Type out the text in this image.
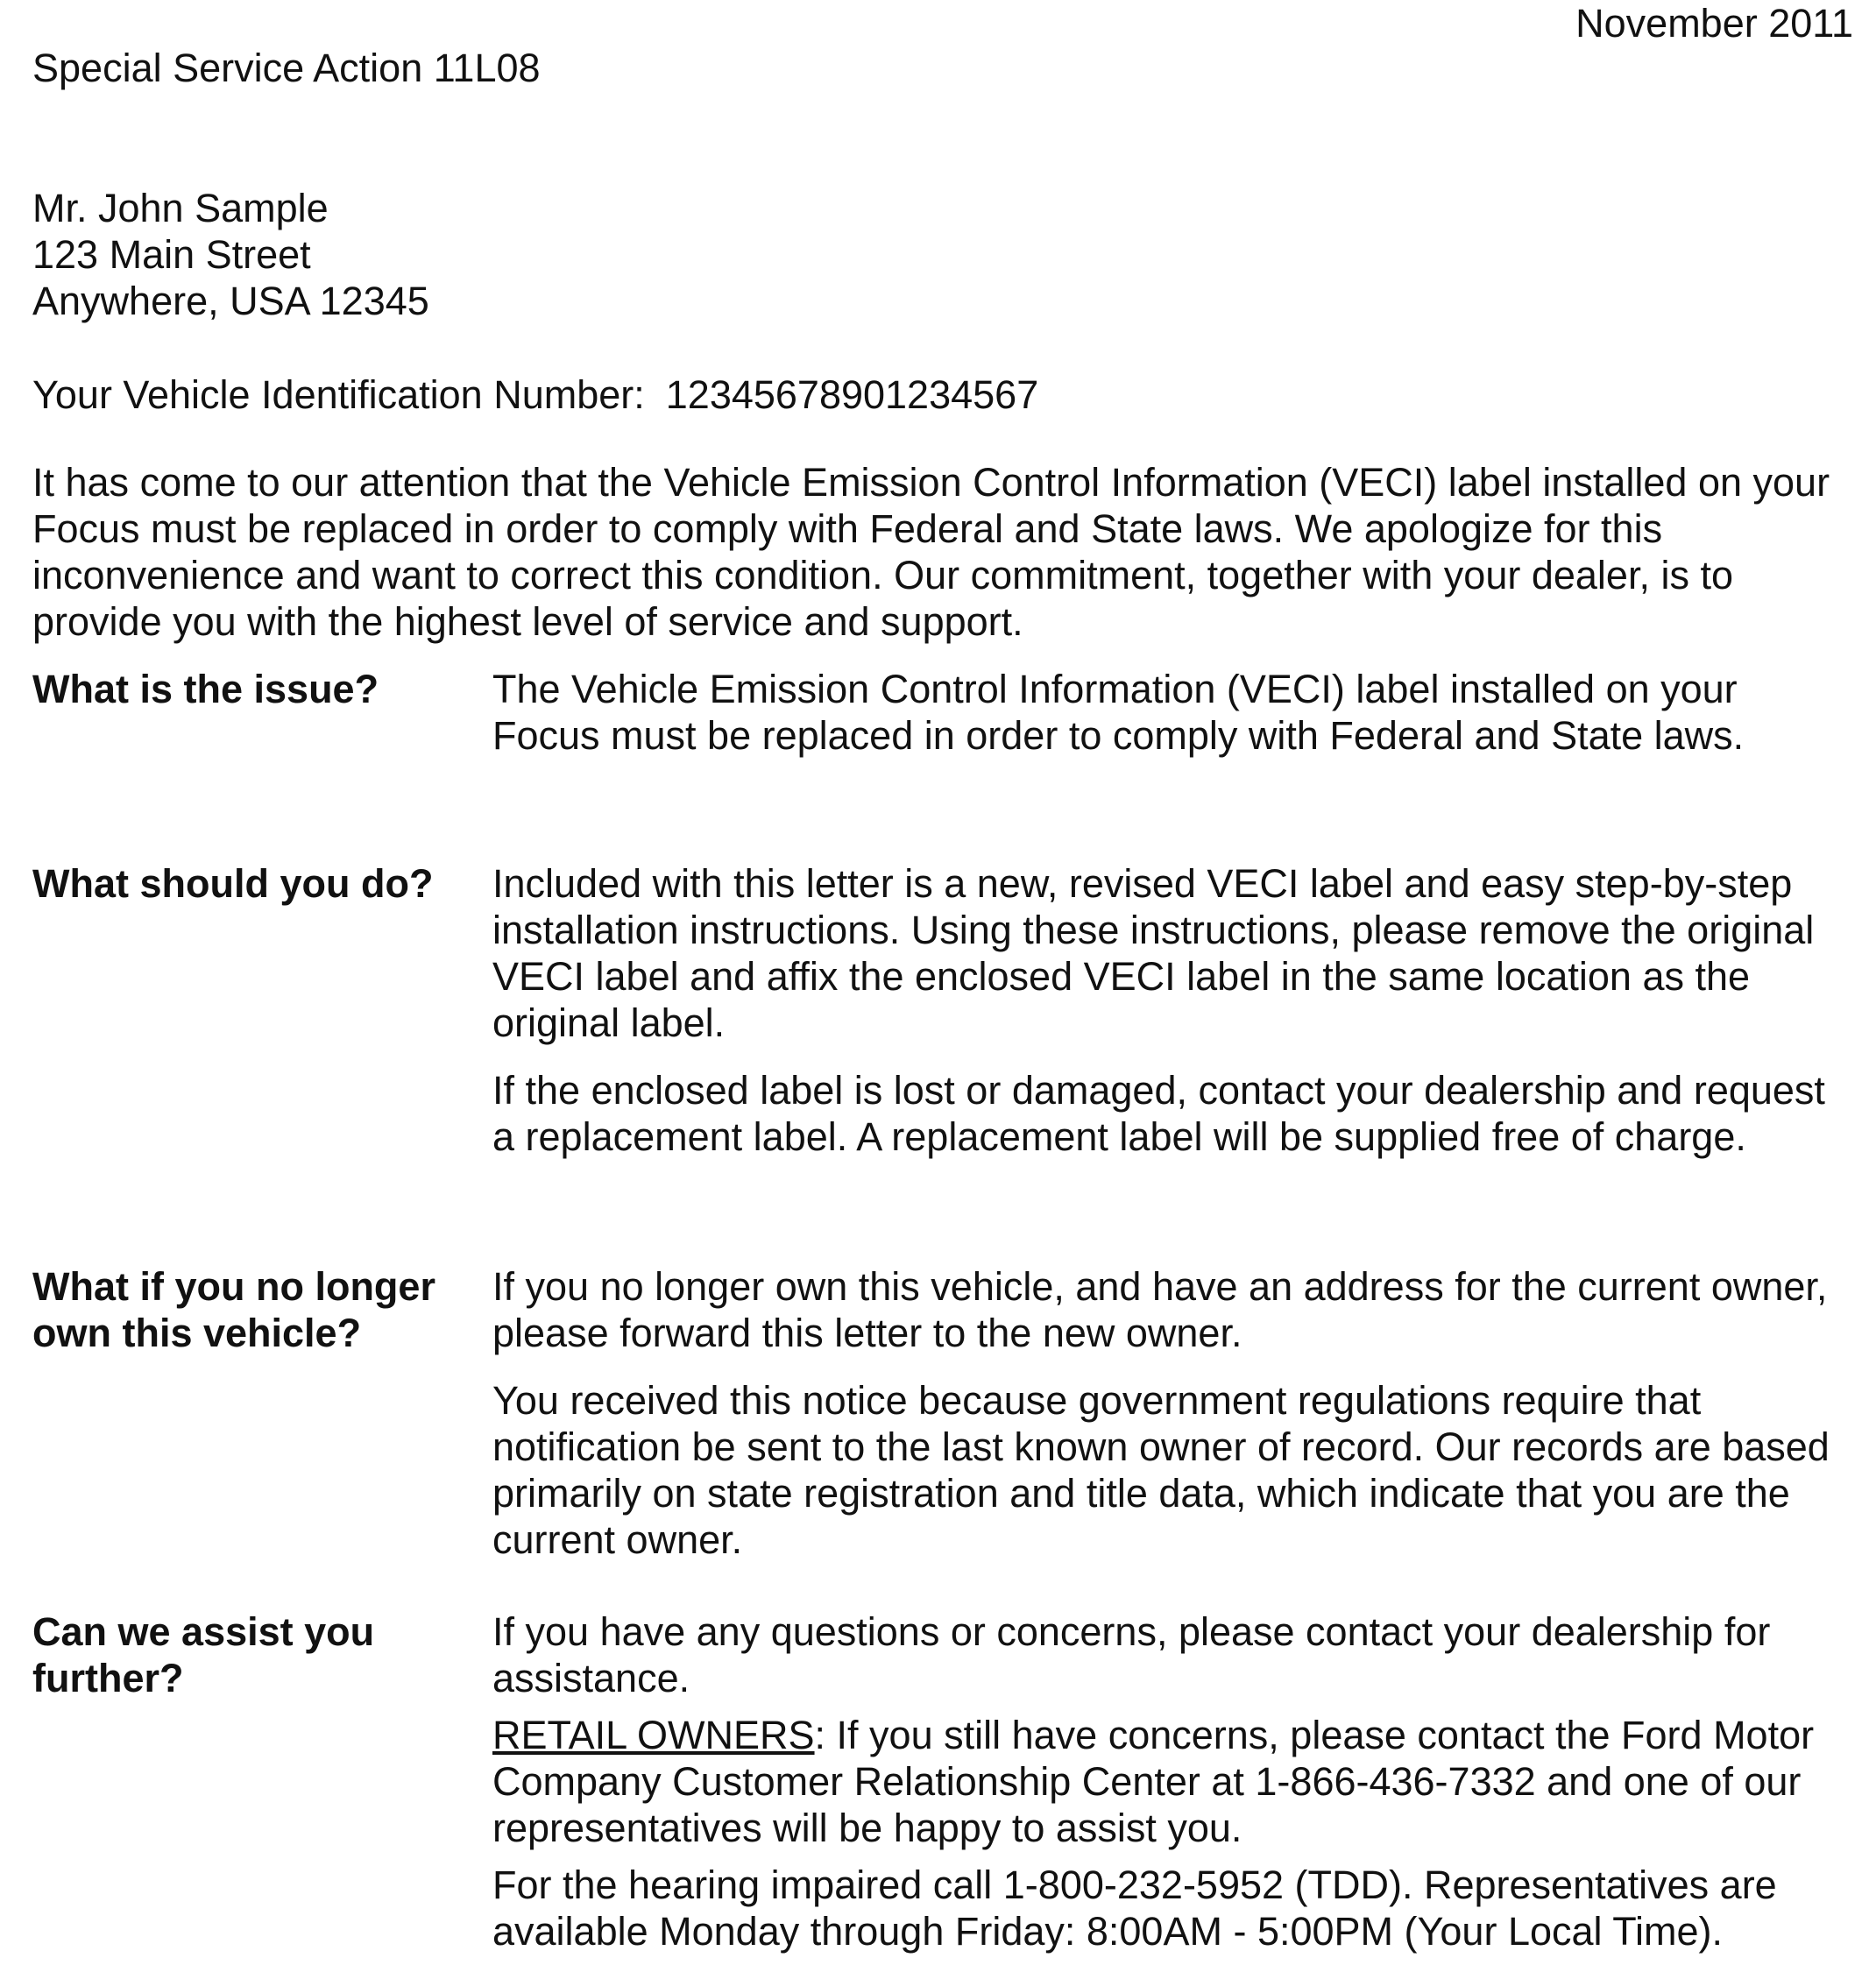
November 2011
Special Service Action 11L08
Mr. John Sample
123 Main Street
Anywhere, USA 12345
Your Vehicle Identification Number: 12345678901234567
It has come to our attention that the Vehicle Emission Control Information (VECI) label installed on your Focus must be replaced in order to comply with Federal and State laws. We apologize for this inconvenience and want to correct this condition. Our commitment, together with your dealer, is to provide you with the highest level of service and support.
What is the issue?	The Vehicle Emission Control Information (VECI) label installed on your Focus must be replaced in order to comply with Federal and State laws.

What should you do?	Included with this letter is a new, revised VECI label and easy step-by-step installation instructions. Using these instructions, please remove the original VECI label and affix the enclosed VECI label in the same location as the original label.

If the enclosed label is lost or damaged, contact your dealership and request a replacement label. A replacement label will be supplied free of charge.

What if you no longer own this vehicle?

If you no longer own this vehicle, and have an address for the current owner, please forward this letter to the new owner.

You received this notice because government regulations require that notification be sent to the last known owner of record. Our records are based primarily on state registration and title data, which indicate that you are the current owner.

Can we assist you further?

If you have any questions or concerns, please contact your dealership for assistance.

RETAIL OWNERS: If you still have concerns, please contact the Ford Motor Company Customer Relationship Center at 1-866-436-7332 and one of our representatives will be happy to assist you.

For the hearing impaired call 1-800-232-5952 (TDD). Representatives are available Monday through Friday: 8:00AM - 5:00PM (Your Local Time).
